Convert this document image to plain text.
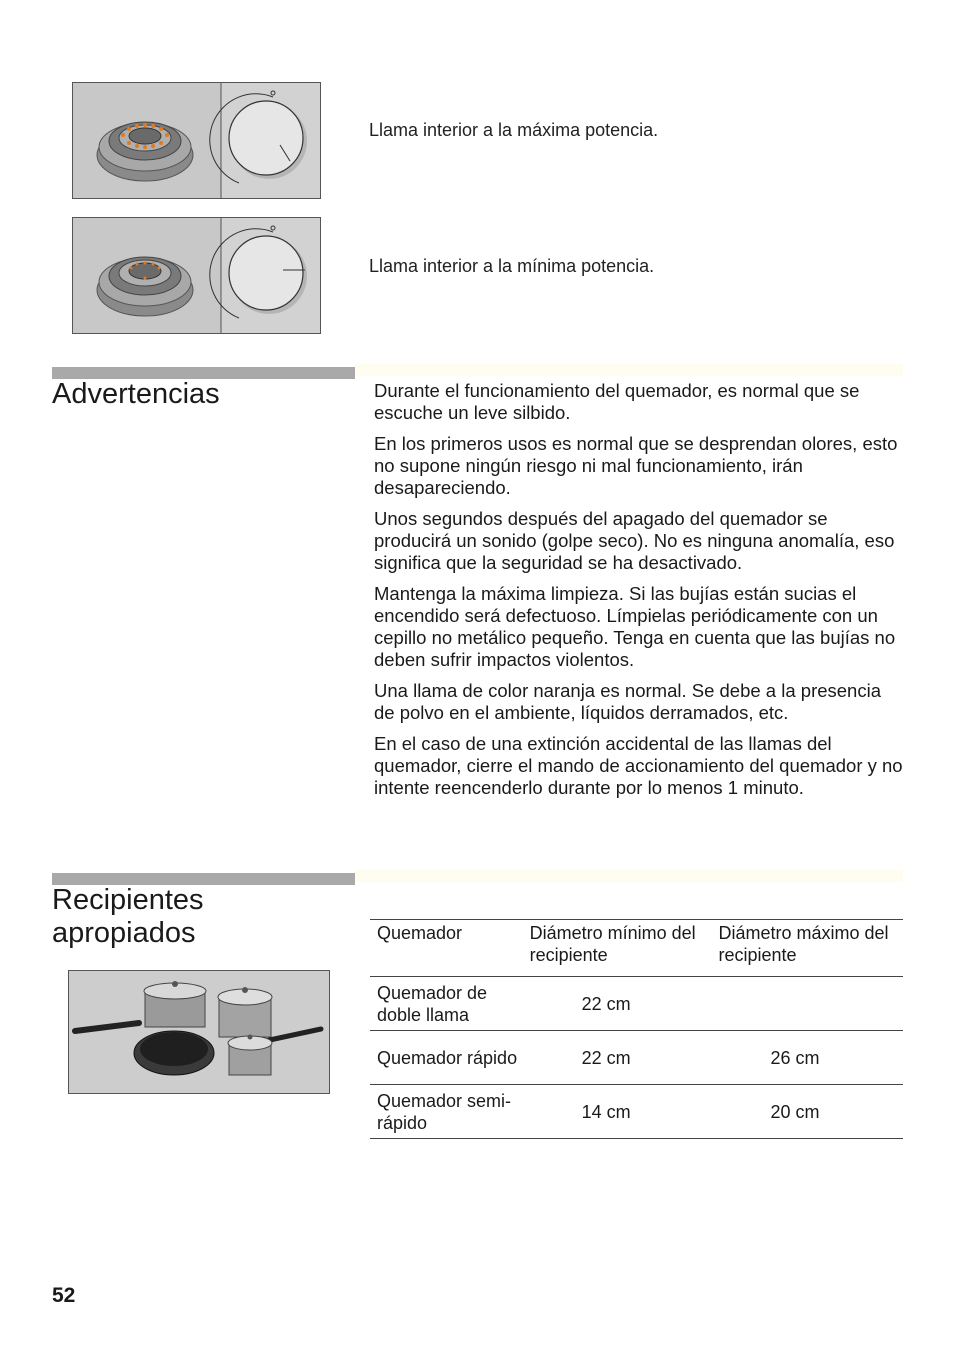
Llama interior a la máxima potencia.
Llama interior a la mínima potencia.
Advertencias	Durante el funcionamiento del quemador, es normal que se escuche un leve silbido.

En los primeros usos es normal que se desprendan olores, esto no supone ningún riesgo ni mal funcionamiento, irán desapareciendo.

Unos segundos después del apagado del quemador se producirá un sonido (golpe seco). No es ninguna anomalía, eso significa que la seguridad se ha desactivado.

Mantenga la máxima limpieza. Si las bujías están sucias el encendido será defectuoso. Límpielas periódicamente con un cepillo no metálico pequeño. Tenga en cuenta que las bujías no deben sufrir impactos violentos.

Una llama de color naranja es normal. Se debe a la presencia de polvo en el ambiente, líquidos derramados, etc.

En el caso de una extinción accidental de las llamas del quemador, cierre el mando de accionamiento del quemador y no intente reencenderlo durante por lo menos 1 minuto.

Recipientes
apropiados	Quemador	Diámetro mínimo del recipiente	Diámetro máximo del recipiente
Quemador de doble llama	22 cm	
Quemador rápido	22 cm	26 cm
Quemador semi-rápido	14 cm	20 cm
52
